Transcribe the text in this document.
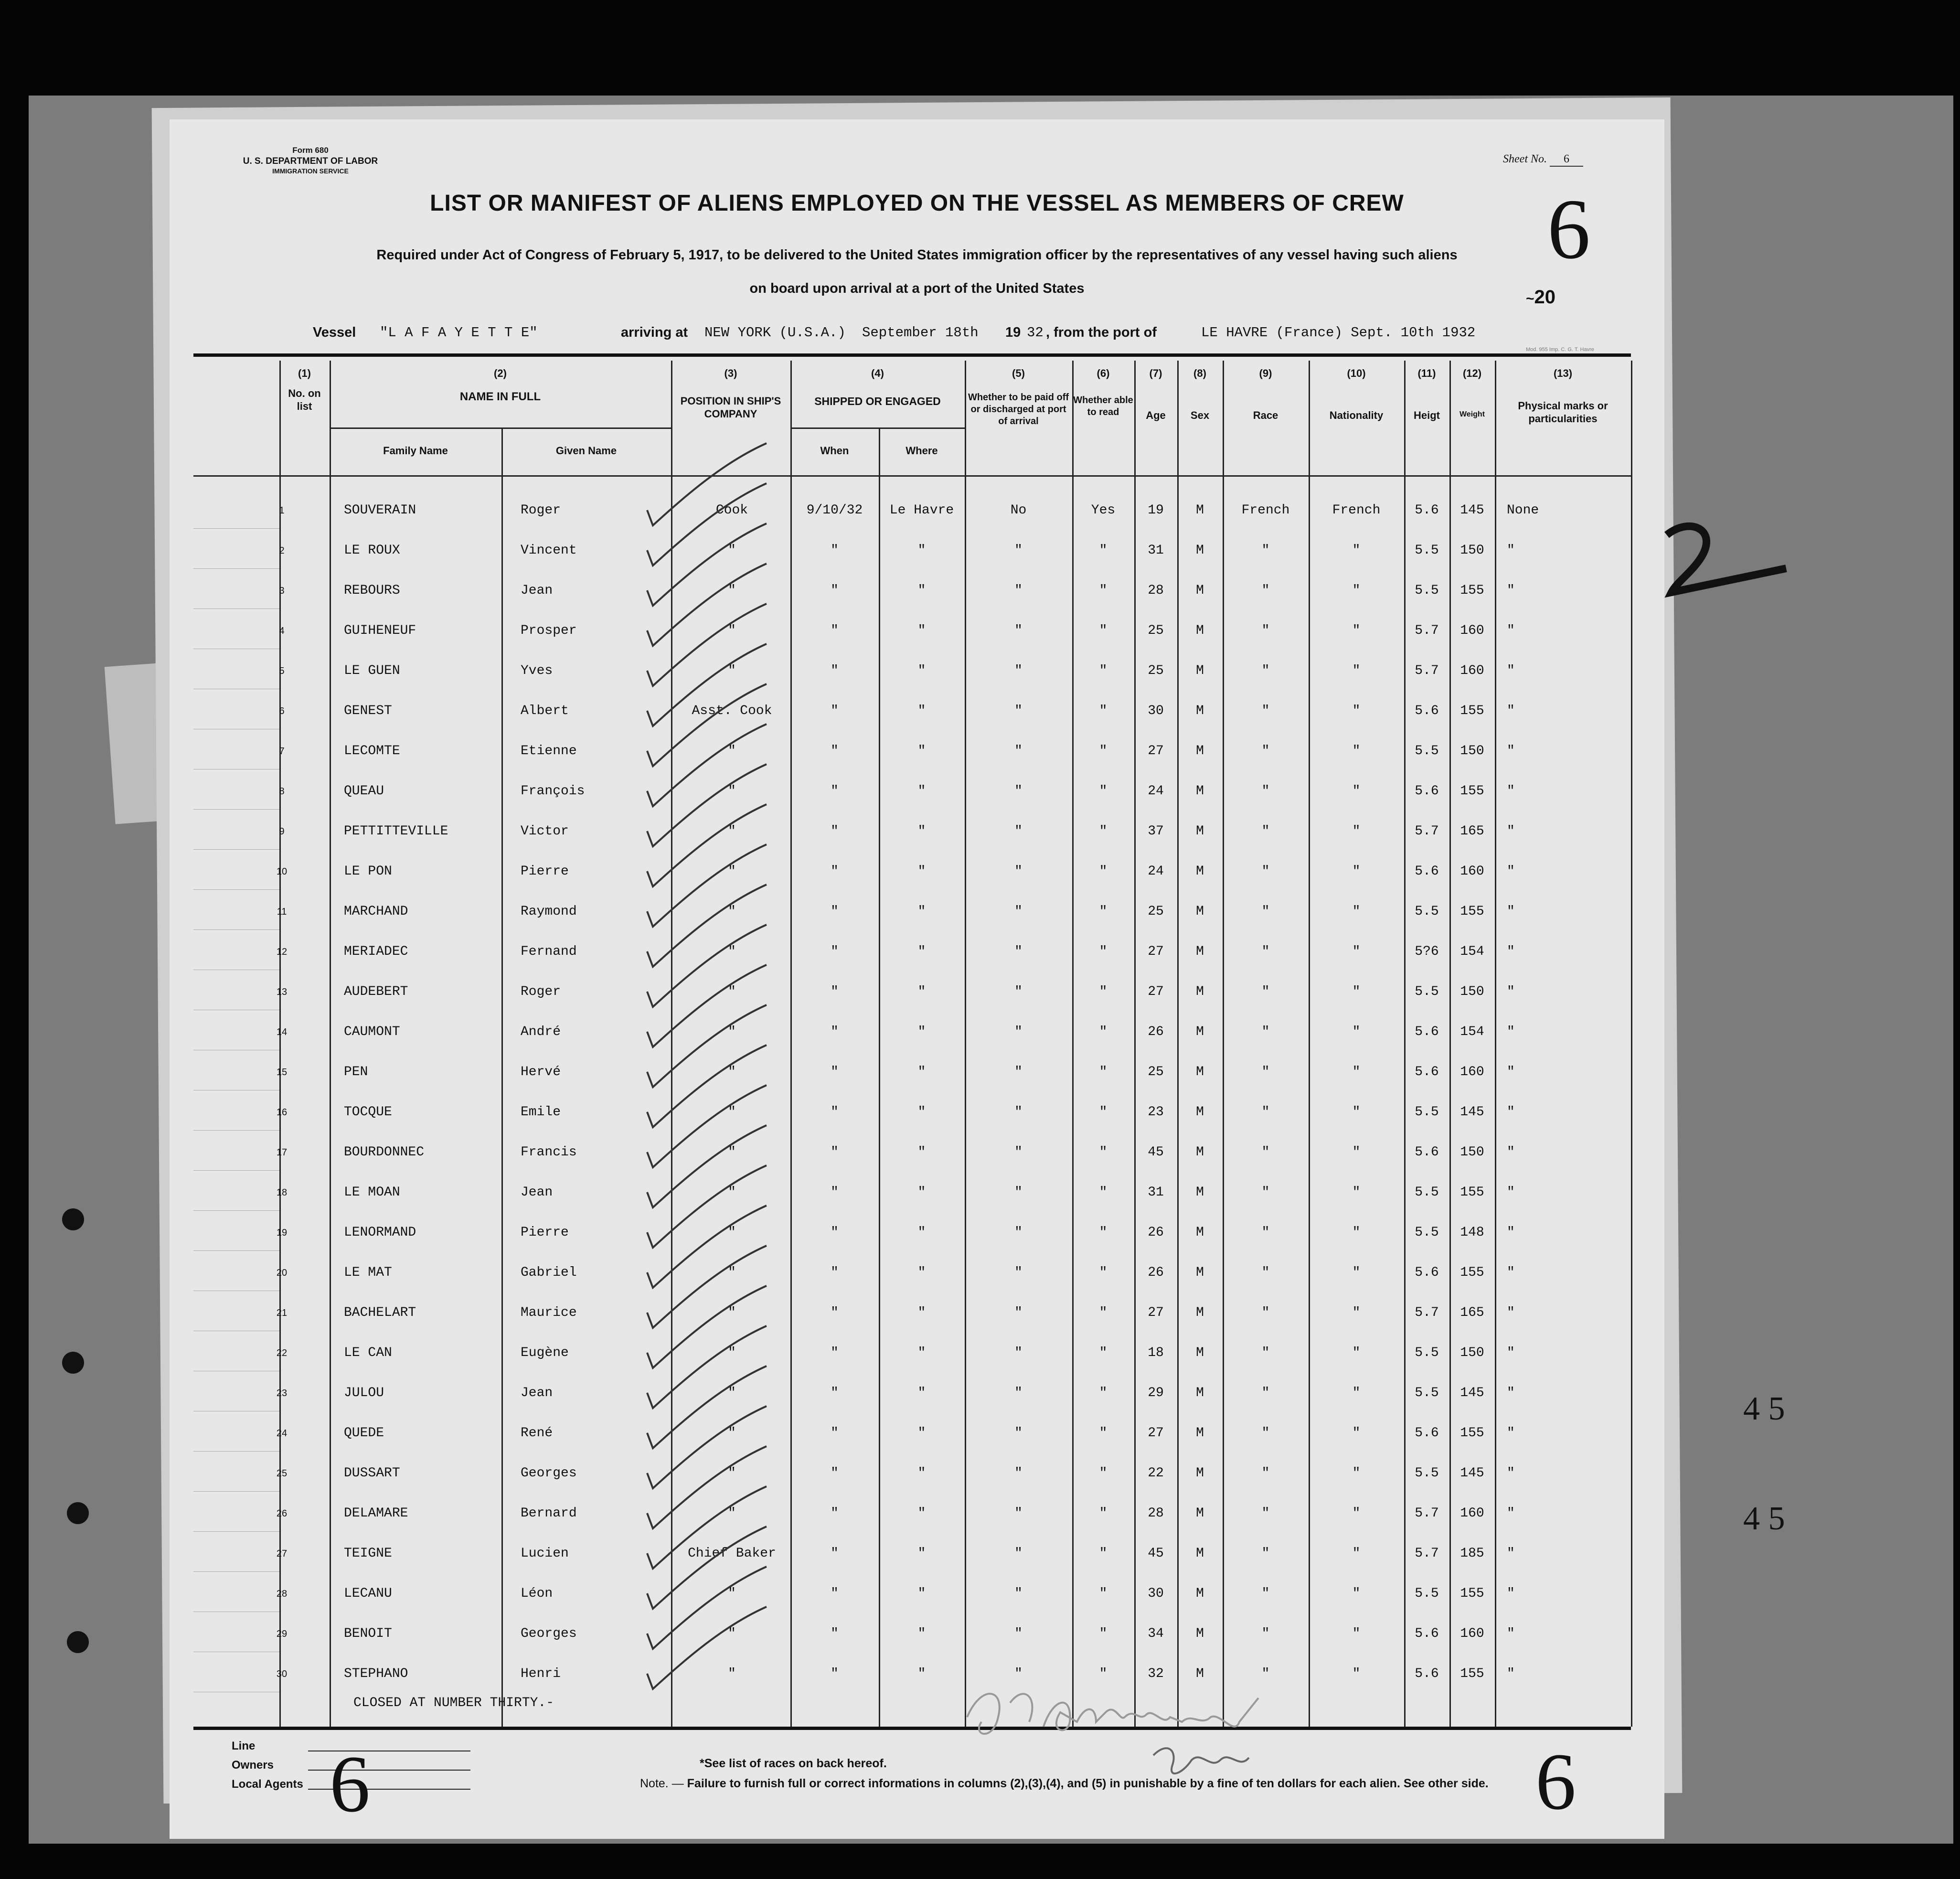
Form 680
U. S. DEPARTMENT OF LABOR
IMMIGRATION SERVICE
Sheet No. 6
6
~20
LIST OR MANIFEST OF ALIENS EMPLOYED ON THE VESSEL AS MEMBERS OF CREW
Required under Act of Congress of February 5, 1917, to be delivered to the United States immigration officer by the representatives of any vessel having such aliens
on board upon arrival at a port of the United States
Vessel "L A F A Y E T T E"	arriving at NEW YORK (U.S.A.) September 18th 19 32 , from the port of	LE HAVRE (France) Sept. 10th 1932
Mod. 955 Imp. C. G. T. Havre
(1)
No. on list
(2)
NAME IN FULL
Family Name	Given Name
(3)
POSITION IN SHIP'S COMPANY
(4)
SHIPPED OR ENGAGED
When	Where
(5)
Whether to be paid off or discharged at port of arrival
(6)
Whether able to read
(7)
Age
(8)
Sex
(9)
Race
(10)
Nationality
(11)
Heigt
(12)
Weight
(13)
Physical marks or particularities
1	SOUVERAIN	Roger	Cook	9/10/32	Le Havre	No	Yes	19	M	French	French	5.6	145	None
2	LE ROUX	Vincent	"	"	"	"	"	31	M	"	"	5.5	150	"
3	REBOURS	Jean	"	"	"	"	"	28	M	"	"	5.5	155	"
4	GUIHENEUF	Prosper	"	"	"	"	"	25	M	"	"	5.7	160	"
5	LE GUEN	Yves	"	"	"	"	"	25	M	"	"	5.7	160	"
6	GENEST	Albert	Asst. Cook	"	"	"	"	30	M	"	"	5.6	155	"
7	LECOMTE	Etienne	"	"	"	"	"	27	M	"	"	5.5	150	"
8	QUEAU	François	"	"	"	"	"	24	M	"	"	5.6	155	"
9	PETTITTEVILLE	Victor	"	"	"	"	"	37	M	"	"	5.7	165	"
10	LE PON	Pierre	"	"	"	"	"	24	M	"	"	5.6	160	"
11	MARCHAND	Raymond	"	"	"	"	"	25	M	"	"	5.5	155	"
12	MERIADEC	Fernand	"	"	"	"	"	27	M	"	"	5?6	154	"
13	AUDEBERT	Roger	"	"	"	"	"	27	M	"	"	5.5	150	"
14	CAUMONT	André	"	"	"	"	"	26	M	"	"	5.6	154	"
15	PEN	Hervé	"	"	"	"	"	25	M	"	"	5.6	160	"
16	TOCQUE	Emile	"	"	"	"	"	23	M	"	"	5.5	145	"
17	BOURDONNEC	Francis	"	"	"	"	"	45	M	"	"	5.6	150	"
18	LE MOAN	Jean	"	"	"	"	"	31	M	"	"	5.5	155	"
19	LENORMAND	Pierre	"	"	"	"	"	26	M	"	"	5.5	148	"
20	LE MAT	Gabriel	"	"	"	"	"	26	M	"	"	5.6	155	"
21	BACHELART	Maurice	"	"	"	"	"	27	M	"	"	5.7	165	"
22	LE CAN	Eugène	"	"	"	"	"	18	M	"	"	5.5	150	"
23	JULOU	Jean	"	"	"	"	"	29	M	"	"	5.5	145	"
24	QUEDE	René	"	"	"	"	"	27	M	"	"	5.6	155	"
25	DUSSART	Georges	"	"	"	"	"	22	M	"	"	5.5	145	"
26	DELAMARE	Bernard	"	"	"	"	"	28	M	"	"	5.7	160	"
27	TEIGNE	Lucien	Chief Baker	"	"	"	"	45	M	"	"	5.7	185	"
28	LECANU	Léon	"	"	"	"	"	30	M	"	"	5.5	155	"
29	BENOIT	Georges	"	"	"	"	"	34	M	"	"	5.6	160	"
30	STEPHANO	Henri	"	"	"	"	"	32	M	"	"	5.6	155	"
CLOSED AT NUMBER THIRTY.-
Line
Owners
Local Agents 6	6
*See list of races on back hereof.
Note. — Failure to furnish full or correct informations in columns (2),(3),(4), and (5) in punishable by a fine of ten dollars for each alien. See other side.
4 5
4 5
